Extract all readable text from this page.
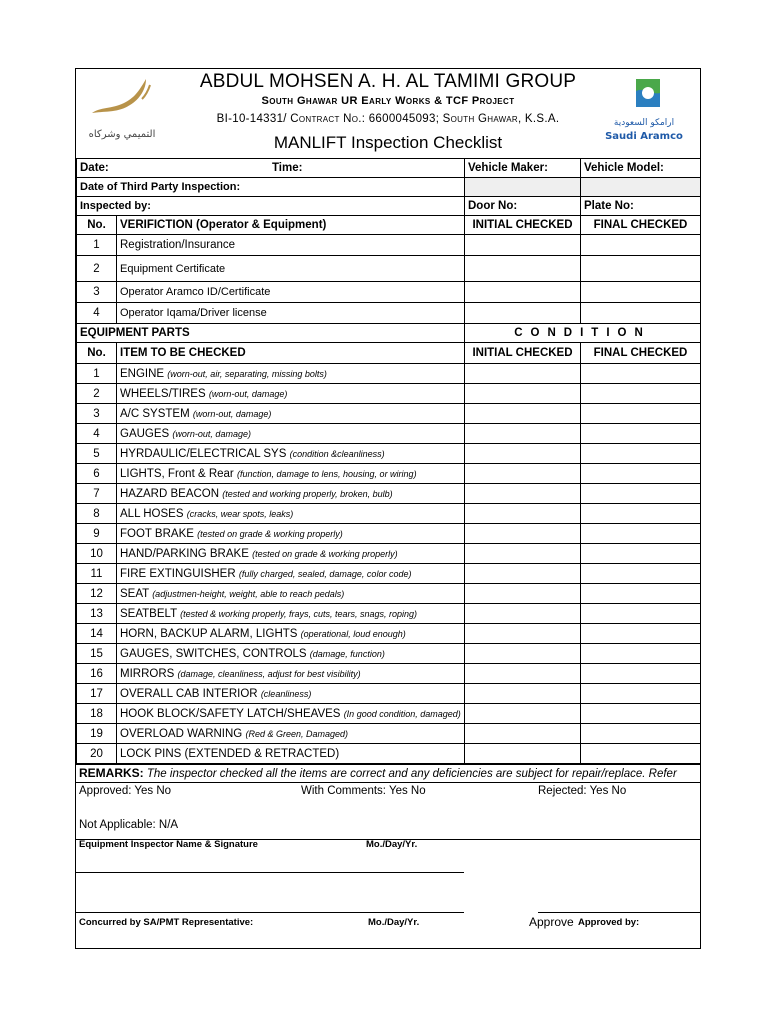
التميمي وشركاه
ABDUL MOHSEN A. H. AL TAMIMI GROUP
South Ghawar UR Early Works & TCF Project
BI-10-14331/ Contract No.: 6600045093; South Ghawar, K.S.A.
MANLIFT Inspection Checklist
ارامكو السعودية
Saudi Aramco
Date: Time:		Vehicle Maker:	Vehicle Model:
Date of Third Party Inspection:			
Inspected by:		Door No:	Plate No:
No.	VERIFICTION (Operator & Equipment)	INITIAL CHECKED	FINAL CHECKED
1	Registration/Insurance		
2	Equipment Certificate		
3	Operator Aramco ID/Certificate		
4	Operator Iqama/Driver license		
EQUIPMENT PARTS		CONDITION	
No.	ITEM TO BE CHECKED	INITIAL CHECKED	FINAL CHECKED
1	ENGINE (worn-out, air, separating, missing bolts)		
2	WHEELS/TIRES (worn-out, damage)		
3	A/C SYSTEM (worn-out, damage)		
4	GAUGES (worn-out, damage)		
5	HYRDAULIC/ELECTRICAL SYS (condition &cleanliness)		
6	LIGHTS, Front & Rear (function, damage to lens, housing, or wiring)		
7	HAZARD BEACON (tested and working properly, broken, bulb)		
8	ALL HOSES (cracks, wear spots, leaks)		
9	FOOT BRAKE (tested on grade & working properly)		
10	HAND/PARKING BRAKE (tested on grade & working properly)		
11	FIRE EXTINGUISHER (fully charged, sealed, damage, color code)		
12	SEAT (adjustmen-height, weight, able to reach pedals)		
13	SEATBELT (tested & working properly, frays, cuts, tears, snags, roping)		
14	HORN, BACKUP ALARM, LIGHTS (operational, loud enough)		
15	GAUGES, SWITCHES, CONTROLS (damage, function)		
16	MIRRORS (damage, cleanliness, adjust for best visibility)		
17	OVERALL CAB INTERIOR (cleanliness)		
18	HOOK BLOCK/SAFETY LATCH/SHEAVES (In good condition, damaged)		
19	OVERLOAD WARNING (Red & Green, Damaged)		
20	LOCK PINS (EXTENDED & RETRACTED)		
REMARKS: The inspector checked all the items are correct and any deficiencies are subject for repair/replace. Refer
Approved: Yes No	With Comments: Yes No	Rejected: Yes No
Not Applicable: N/A
Equipment Inspector Name & Signature	Mo./Day/Yr.
Concurred by SA/PMT Representative:	Mo./Day/Yr.	Approve Approved by:
